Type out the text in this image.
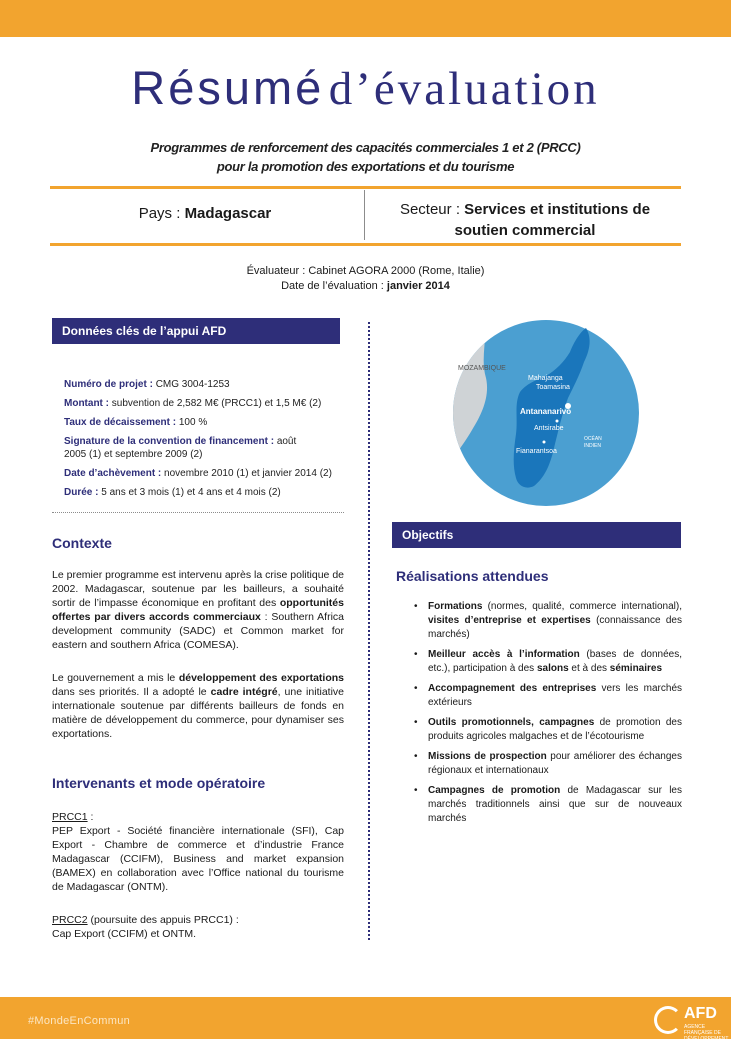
Résumé d’évaluation
Programmes de renforcement des capacités commerciales 1 et 2 (PRCC)
pour la promotion des exportations et du tourisme
Pays : Madagascar	Secteur : Services et institutions de
soutien commercial
Évaluateur : Cabinet AGORA 2000 (Rome, Italie)
Date de l’évaluation : janvier 2014
Données clés de l’appui AFD
Numéro de projet : CMG 3004-1253
Montant : subvention de 2,582 M€ (PRCC1) et 1,5 M€ (2)
Taux de décaissement : 100 %
Signature de la convention de financement : août 2005 (1) et septembre 2009 (2)
Date d’achèvement : novembre 2010 (1) et janvier 2014 (2)
Durée : 5 ans et 3 mois (1) et 4 ans et 4 mois (2)
Contexte
Le premier programme est intervenu après la crise politique de 2002. Madagascar, soutenue par les bailleurs, a souhaité sortir de l’impasse économique en profitant des opportunités offertes par divers accords commerciaux : Southern Africa development community (SADC) et Common market for eastern and southern Africa (COMESA).
Le gouvernement a mis le développement des exportations dans ses priorités. Il a adopté le cadre intégré, une initiative internationale soutenue par différents bailleurs de fonds en matière de développement du commerce, pour dynamiser ses exportations.
Intervenants et mode opératoire
PRCC1 :
PEP Export - Société financière internationale (SFI), Cap Export - Chambre de commerce et d’industrie France Madagascar (CCIFM), Business and market expansion (BAMEX) en collaboration avec l’Office national du tourisme de Madagascar (ONTM).
PRCC2 (poursuite des appuis PRCC1) :
Cap Export (CCIFM) et ONTM.
MOZAMBIQUE
Mahajanga
Toamasina
Antananarivo
Antsirabe
Fianarantsoa
OCÉAN
INDIEN
Objectifs
Réalisations attendues
• Formations (normes, qualité, commerce international), visites d’entreprise et expertises (connaissance des marchés)
• Meilleur accès à l’information (bases de données, etc.), participation à des salons et à des séminaires
• Accompagnement des entreprises vers les marchés extérieurs
• Outils promotionnels, campagnes de promotion des produits agricoles malgaches et de l’écotourisme
• Missions de prospection pour améliorer des échanges régionaux et internationaux
• Campagnes de promotion de Madagascar sur les marchés traditionnels ainsi que sur de nouveaux marchés
#MondeEnCommun	AFD
AGENCE FRANÇAISE DE DÉVELOPPEMENT
